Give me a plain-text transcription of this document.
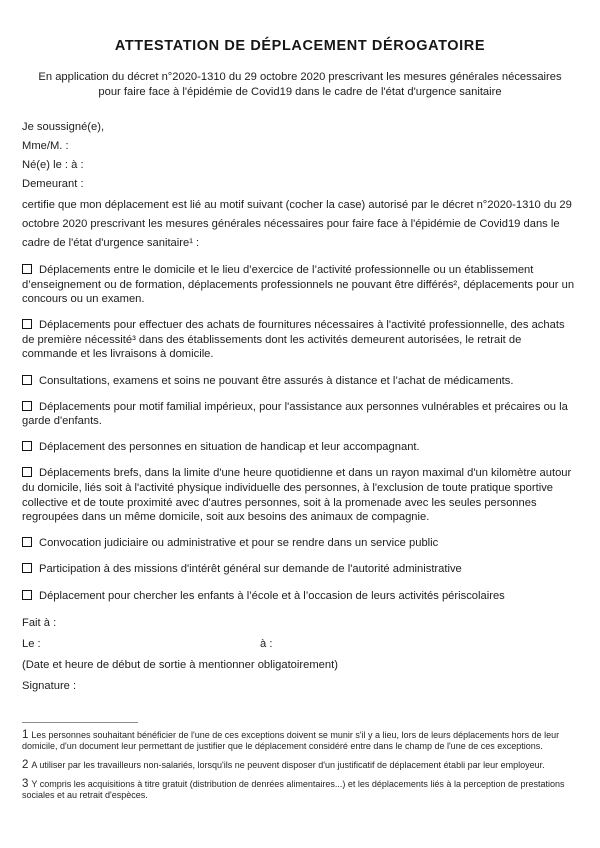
ATTESTATION DE DÉPLACEMENT DÉROGATOIRE

En application du décret n°2020-1310 du 29 octobre 2020 prescrivant les mesures générales nécessaires pour faire face à l'épidémie de Covid19 dans le cadre de l'état d'urgence sanitaire

Je soussigné(e),

Mme/M. :

Né(e) le : à :

Demeurant :

certifie que mon déplacement est lié au motif suivant (cocher la case) autorisé par le décret n°2020-1310 du 29 octobre 2020 prescrivant les mesures générales nécessaires pour faire face à l'épidémie de Covid19 dans le cadre de l'état d'urgence sanitaire¹ :

Déplacements entre le domicile et le lieu d’exercice de l’activité professionnelle ou un établissement d’enseignement ou de formation, déplacements professionnels ne pouvant être différés², déplacements pour un concours ou un examen.
Déplacements pour effectuer des achats de fournitures nécessaires à l'activité professionnelle, des achats de première nécessité³ dans des établissements dont les activités demeurent autorisées, le retrait de commande et les livraisons à domicile.
Consultations, examens et soins ne pouvant être assurés à distance et l’achat de médicaments.
Déplacements pour motif familial impérieux, pour l'assistance aux personnes vulnérables et précaires ou la garde d'enfants.
Déplacement des personnes en situation de handicap et leur accompagnant.
Déplacements brefs, dans la limite d'une heure quotidienne et dans un rayon maximal d'un kilomètre autour du domicile, liés soit à l'activité physique individuelle des personnes, à l'exclusion de toute pratique sportive collective et de toute proximité avec d'autres personnes, soit à la promenade avec les seules personnes regroupées dans un même domicile, soit aux besoins des animaux de compagnie.
Convocation judiciaire ou administrative et pour se rendre dans un service public
Participation à des missions d'intérêt général sur demande de l'autorité administrative
Déplacement pour chercher les enfants à l’école et à l’occasion de leurs activités périscolaires

Fait à :

Le :	à :

(Date et heure de début de sortie à mentionner obligatoirement)

Signature :

1 Les personnes souhaitant bénéficier de l'une de ces exceptions doivent se munir s'il y a lieu, lors de leurs déplacements hors de leur domicile, d'un document leur permettant de justifier que le déplacement considéré entre dans le champ de l'une de ces exceptions.

2 A utiliser par les travailleurs non-salariés, lorsqu'ils ne peuvent disposer d'un justificatif de déplacement établi par leur employeur.

3 Y compris les acquisitions à titre gratuit (distribution de denrées alimentaires...) et les déplacements liés à la perception de prestations sociales et au retrait d'espèces.
